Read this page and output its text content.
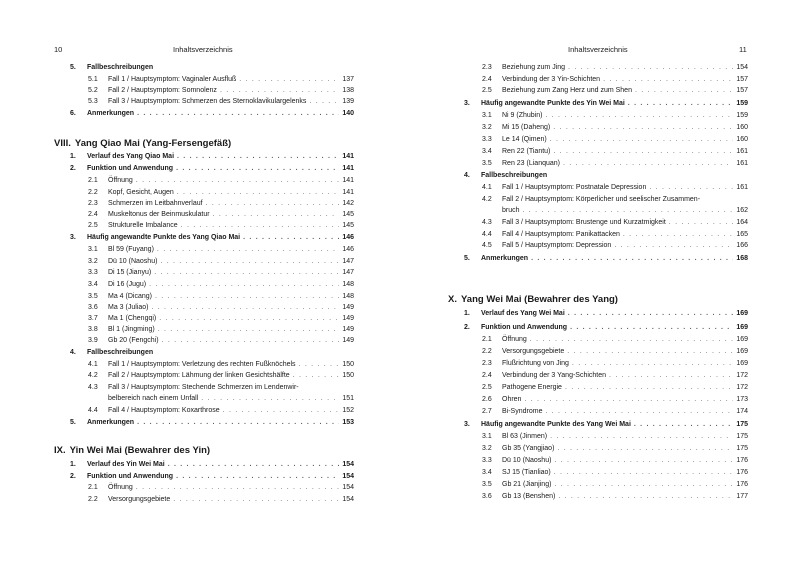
10	Inhaltsverzeichnis
5.	Fallbeschreibungen
5.1	Fall 1 / Hauptsymptom: Vaginaler Ausfluß . . .	137
5.2	Fall 2 / Hauptsymptom: Somnolenz . . .	138
5.3	Fall 3 / Hauptsymptom: Schmerzen des Sternoklavikulargelenks . . .	139
6.	Anmerkungen . . .	140
VIII. Yang Qiao Mai (Yang-Fersengefäß)
1.	Verlauf des Yang Qiao Mai . . .	141
2.	Funktion und Anwendung . . .	141
2.1	Öffnung . . .	141
2.2	Kopf, Gesicht, Augen . . .	141
2.3	Schmerzen im Leitbahnverlauf . . .	142
2.4	Muskeltonus der Beinmuskulatur . . .	145
2.5	Strukturelle Imbalance . . .	145
3.	Häufig angewandte Punkte des Yang Qiao Mai . . .	146
3.1	Bl 59 (Fuyang) . . .	146
3.2	Dü 10 (Naoshu) . . .	147
3.3	Di 15 (Jianyu) . . .	147
3.4	Di 16 (Jugu) . . .	148
3.5	Ma 4 (Dicang) . . .	148
3.6	Ma 3 (Juliao) . . .	149
3.7	Ma 1 (Chengqi) . . .	149
3.8	Bl 1 (Jingming) . . .	149
3.9	Gb 20 (Fengchi) . . .	149
4.	Fallbeschreibungen
4.1	Fall 1 / Hauptsymptom: Verletzung des rechten Fußknöchels . . .	150
4.2	Fall 2 / Hauptsymptom: Lähmung der linken Gesichtshälfte . . .	150
4.3	Fall 3 / Hauptsymptom: Stechende Schmerzen im Lendenwir-
belbereich nach einem Unfall . . .	151
4.4	Fall 4 / Hauptsymptom: Koxarthrose . . .	152
5.	Anmerkungen . . .	153
IX. Yin Wei Mai (Bewahrer des Yin)
1.	Verlauf des Yin Wei Mai . . .	154
2.	Funktion und Anwendung . . .	154
2.1	Öffnung . . .	154
2.2	Versorgungsgebiete . . .	154
Inhaltsverzeichnis	11
2.3	Beziehung zum Jing . . .	154
2.4	Verbindung der 3 Yin-Schichten . . .	157
2.5	Beziehung zum Zang Herz und zum Shen . . .	157
3.	Häufig angewandte Punkte des Yin Wei Mai . . .	159
3.1	Ni 9 (Zhubin) . . .	159
3.2	Mi 15 (Daheng) . . .	160
3.3	Le 14 (Qimen) . . .	160
3.4	Ren 22 (Tiantu) . . .	161
3.5	Ren 23 (Lianquan) . . .	161
4.	Fallbeschreibungen
4.1	Fall 1 / Hauptsymptom: Postnatale Depression . . .	161
4.2	Fall 2 / Hauptsymptom: Körperlicher und seelischer Zusammen-
bruch . . .	162
4.3	Fall 3 / Hauptsymptom: Brustenge und Kurzatmigkeit . . .	164
4.4	Fall 4 / Hauptsymptom: Panikattacken . . .	165
4.5	Fall 5 / Hauptsymptom: Depression . . .	166
5.	Anmerkungen . . .	168
X. Yang Wei Mai (Bewahrer des Yang)
1.	Verlauf des Yang Wei Mai . . .	169
2.	Funktion und Anwendung . . .	169
2.1	Öffnung . . .	169
2.2	Versorgungsgebiete . . .	169
2.3	Flußrichtung von Jing . . .	169
2.4	Verbindung der 3 Yang-Schichten . . .	172
2.5	Pathogene Energie . . .	172
2.6	Ohren . . .	173
2.7	Bi-Syndrome . . .	174
3.	Häufig angewandte Punkte des Yang Wei Mai . . .	175
3.1	Bl 63 (Jinmen) . . .	175
3.2	Gb 35 (Yangjiao) . . .	175
3.3	Dü 10 (Naoshu) . . .	176
3.4	SJ 15 (Tianliao) . . .	176
3.5	Gb 21 (Jianjing) . . .	176
3.6	Gb 13 (Benshen) . . .	177
